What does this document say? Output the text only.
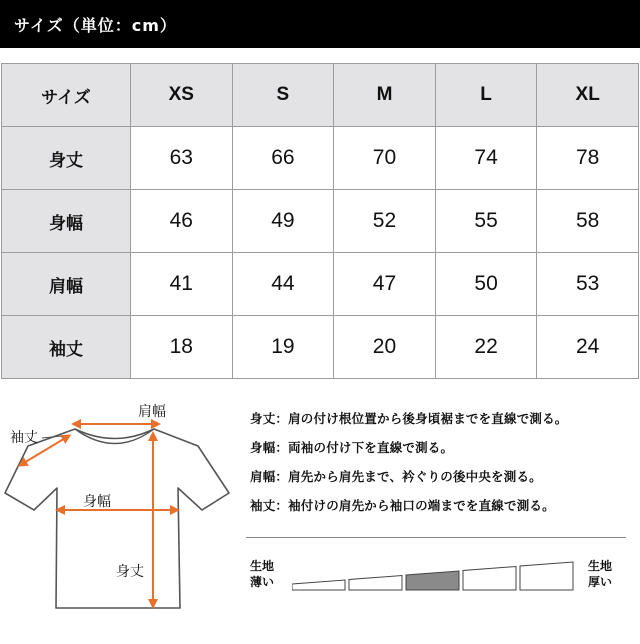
サイズ（単位：cm）
サイズ	XS	S	M	L	XL
身丈	63	66	70	74	78
身幅	46	49	52	55	58
肩幅	41	44	47	50	53
袖丈	18	19	20	22	24
肩幅
袖丈
身幅
身丈
身丈：肩の付け根位置から後身頃裾までを直線で測る。
身幅：両袖の付け下を直線で測る。
肩幅：肩先から肩先まで、衿ぐりの後中央を測る。
袖丈：袖付けの肩先から袖口の端までを直線で測る。
生地
薄い
生地
厚い
